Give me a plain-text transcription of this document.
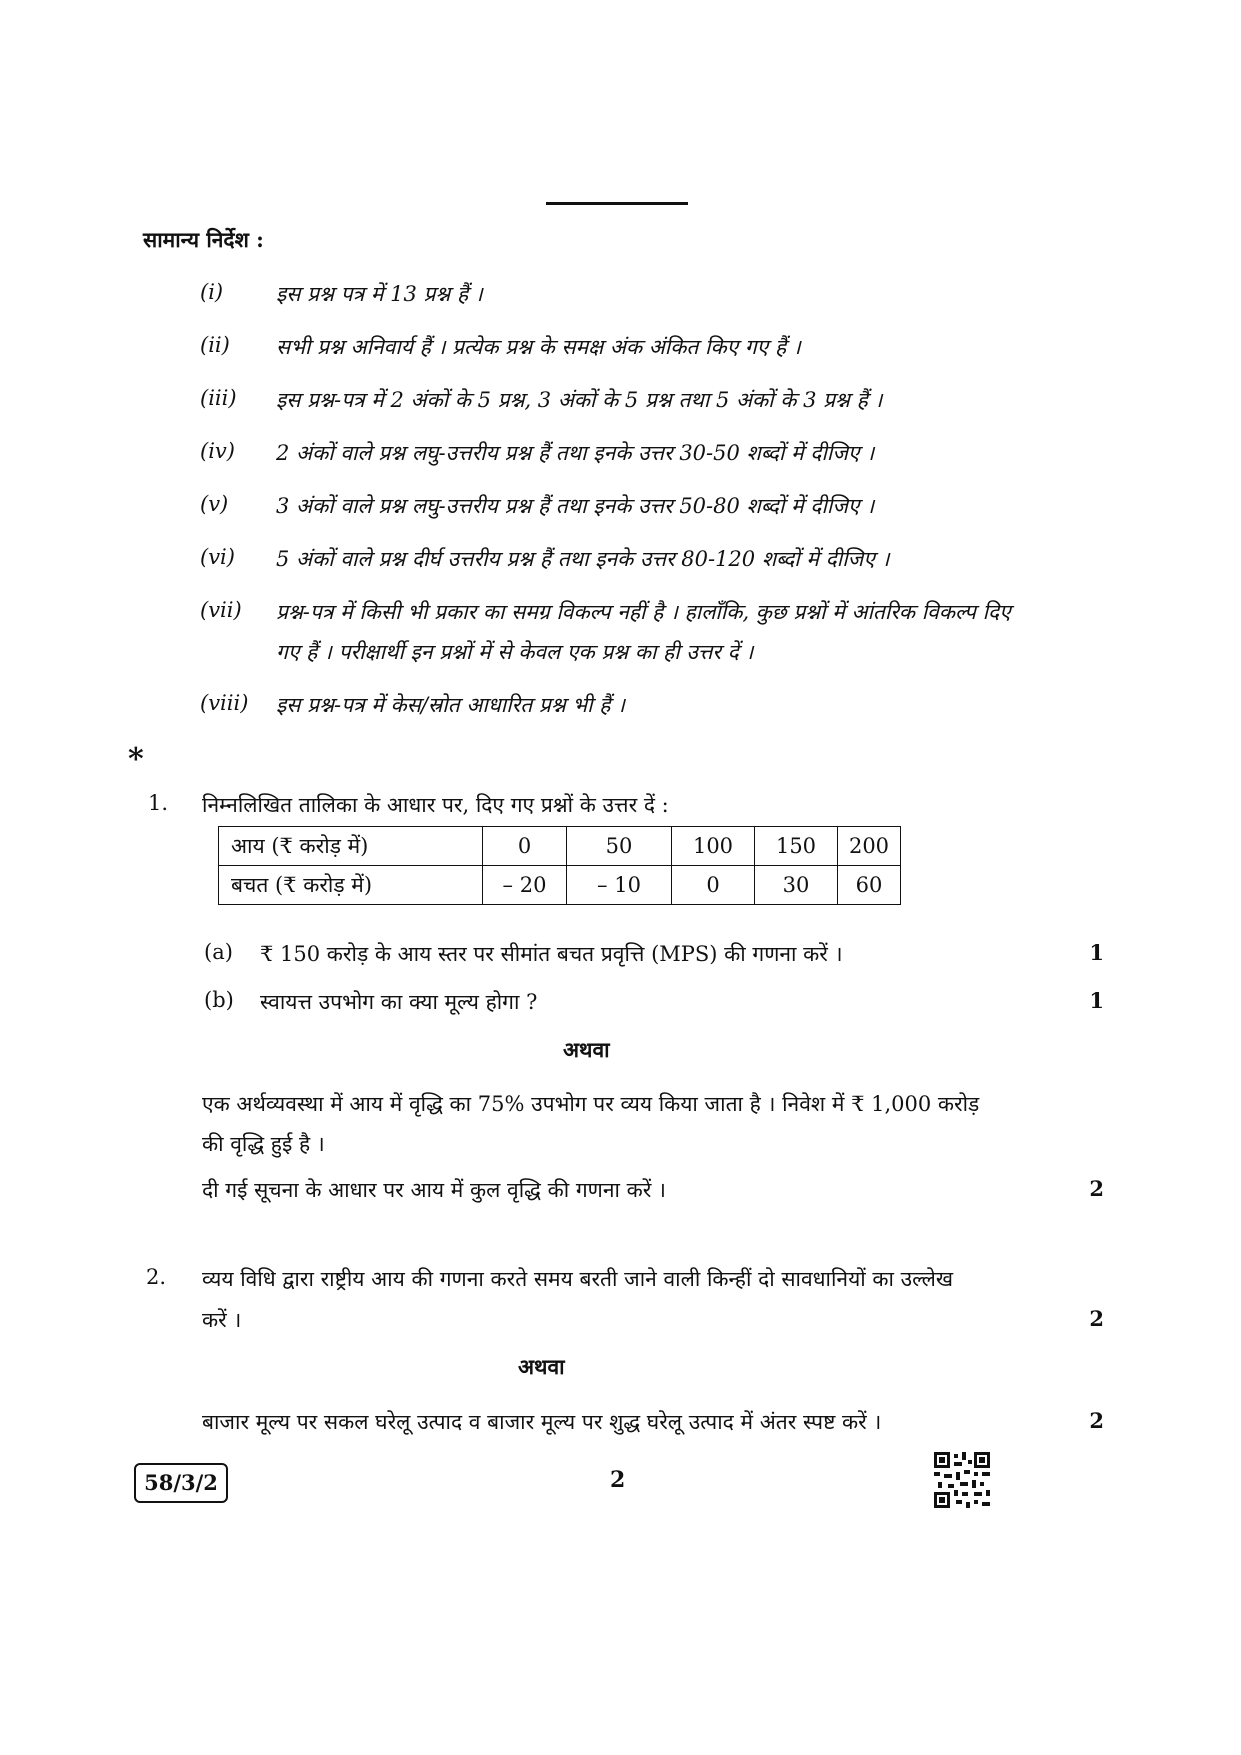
सामान्य निर्देश :
(i)	इस प्रश्न पत्र में 13 प्रश्न हैं ।
(ii) सभी प्रश्न अनिवार्य हैं । प्रत्येक प्रश्न के समक्ष अंक अंकित किए गए हैं ।
(iii) इस प्रश्न-पत्र में 2 अंकों के 5 प्रश्न, 3 अंकों के 5 प्रश्न तथा 5 अंकों के 3 प्रश्न हैं ।
(iv) 2 अंकों वाले प्रश्न लघु-उत्तरीय प्रश्न हैं तथा इनके उत्तर 30-50 शब्दों में दीजिए ।
(v) 3 अंकों वाले प्रश्न लघु-उत्तरीय प्रश्न हैं तथा इनके उत्तर 50-80 शब्दों में दीजिए ।
(vi) 5 अंकों वाले प्रश्न दीर्घ उत्तरीय प्रश्न हैं तथा इनके उत्तर 80-120 शब्दों में दीजिए ।
(vii) प्रश्न-पत्र में किसी भी प्रकार का समग्र विकल्प नहीं है । हालाँकि, कुछ प्रश्नों में आंतरिक विकल्प दिए
गए हैं । परीक्षार्थी इन प्रश्नों में से केवल एक प्रश्न का ही उत्तर दें ।
(viii) इस प्रश्न-पत्र में केस/स्रोत आधारित प्रश्न भी हैं ।
*
1. निम्नलिखित तालिका के आधार पर, दिए गए प्रश्नों के उत्तर दें :
आय (₹ करोड़ में)	0	50	100	150	200
बचत (₹ करोड़ में)	– 20	– 10	0	30	60
(a) ₹ 150 करोड़ के आय स्तर पर सीमांत बचत प्रवृत्ति (MPS) की गणना करें ।	1
(b) स्वायत्त उपभोग का क्या मूल्य होगा ?	1
अथवा
एक अर्थव्यवस्था में आय में वृद्धि का 75% उपभोग पर व्यय किया जाता है । निवेश में ₹ 1,000 करोड़
की वृद्धि हुई है ।
दी गई सूचना के आधार पर आय में कुल वृद्धि की गणना करें ।	2
2. व्यय विधि द्वारा राष्ट्रीय आय की गणना करते समय बरती जाने वाली किन्हीं दो सावधानियों का उल्लेख
करें ।	2
अथवा
बाजार मूल्य पर सकल घरेलू उत्पाद व बाजार मूल्य पर शुद्ध घरेलू उत्पाद में अंतर स्पष्ट करें ।	2
58/3/2	2
